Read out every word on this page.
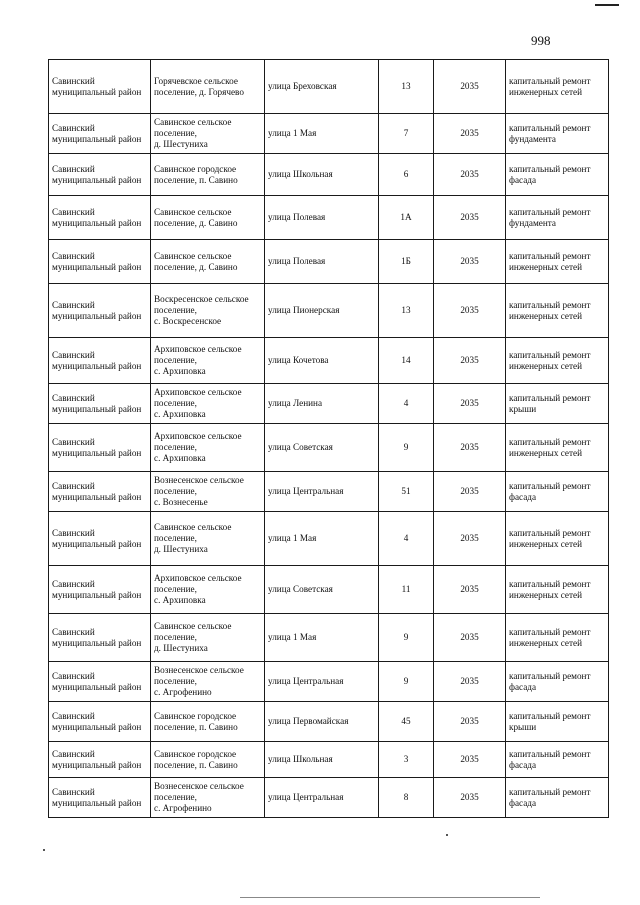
998
Савинский муниципальный район	Горячевское сельское поселение, д. Горячево	улица Бреховская	13	2035	капитальный ремонт инженерных сетей

Савинский муниципальный район	Савинское сельское поселение,
д. Шестуниха	улица 1 Мая	7	2035	капитальный ремонт фундамента

Савинский муниципальный район	Савинское городское поселение, п. Савино	улица Школьная	6	2035	капитальный ремонт фасада

Савинский муниципальный район	Савинское сельское поселение, д. Савино	улица Полевая	1А	2035	капитальный ремонт фундамента

Савинский муниципальный район	Савинское сельское поселение, д. Савино	улица Полевая	1Б	2035	капитальный ремонт инженерных сетей

Савинский муниципальный район	Воскресенское сельское поселение,
с. Воскресенское	улица Пионерская	13	2035	капитальный ремонт инженерных сетей

Савинский муниципальный район	Архиповское сельское поселение,
с. Архиповка	улица Кочетова	14	2035	капитальный ремонт инженерных сетей

Савинский муниципальный район	Архиповское сельское поселение,
с. Архиповка	улица Ленина	4	2035	капитальный ремонт крыши

Савинский муниципальный район	Архиповское сельское поселение,
с. Архиповка	улица Советская	9	2035	капитальный ремонт инженерных сетей

Савинский муниципальный район	Вознесенское сельское поселение,
с. Вознесенье	улица Центральная	51	2035	капитальный ремонт фасада

Савинский муниципальный район	Савинское сельское поселение,
д. Шестуниха	улица 1 Мая	4	2035	капитальный ремонт инженерных сетей

Савинский муниципальный район	Архиповское сельское поселение,
с. Архиповка	улица Советская	11	2035	капитальный ремонт инженерных сетей

Савинский муниципальный район	Савинское сельское поселение,
д. Шестуниха	улица 1 Мая	9	2035	капитальный ремонт инженерных сетей

Савинский муниципальный район	Вознесенское сельское поселение,
с. Агрофенино	улица Центральная	9	2035	капитальный ремонт фасада

Савинский муниципальный район	Савинское городское поселение, п. Савино	улица Первомайская	45	2035	капитальный ремонт крыши

Савинский муниципальный район	Савинское городское поселение, п. Савино	улица Школьная	3	2035	капитальный ремонт фасада

Савинский муниципальный район	Вознесенское сельское поселение,
с. Агрофенино	улица Центральная	8	2035	капитальный ремонт фасада
